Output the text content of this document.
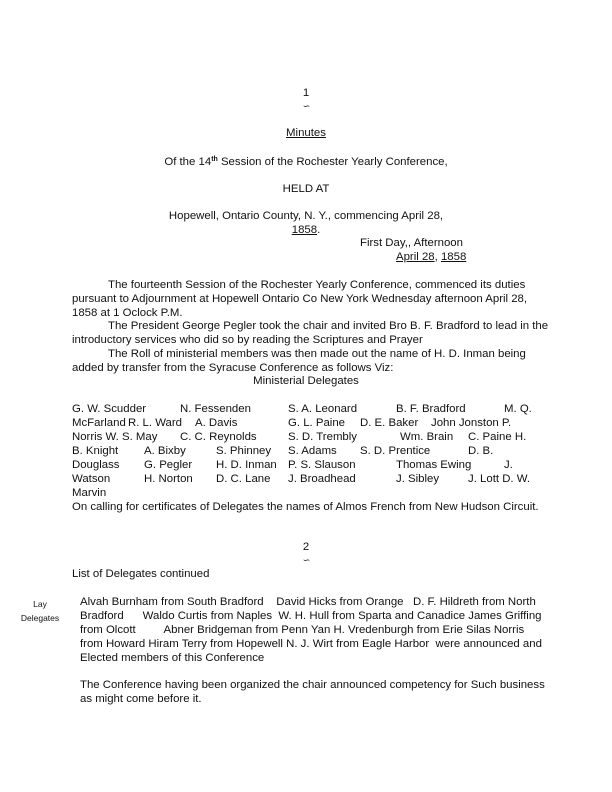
1
∽
Minutes
Of the 14th Session of the Rochester Yearly Conference,
HELD AT
Hopewell, Ontario County, N. Y., commencing April 28,
1858.
First Day,, Afternoon
April 28, 1858
The fourteenth Session of the Rochester Yearly Conference, commenced its duties pursuant to Adjournment at Hopewell Ontario Co New York Wednesday afternoon April 28, 1858 at 1 Oclock P.M.
The President George Pegler took the chair and invited Bro B. F. Bradford to lead in the introductory services who did so by reading the Scriptures and Prayer
The Roll of ministerial members was then made out the name of H. D. Inman being added by transfer from the Syracuse Conference as follows Viz:
Ministerial Delegates
G. W. Scudder	N. Fessenden	S. A. Leonard	B. F. Bradford	M. Q.
McFarland R. L. Ward A. Davis	G. L. Paine D. E. Baker John Jonston P.
Norris W. S. May C. C. Reynolds	S. D. Trembly	Wm. Brain C. Paine H.
B. Knight A. Bixby	S. Phinney S. Adams S. D. Prentice	D. B.
Douglass G. Pegler H. D. Inman P. S. Slauson	Thomas Ewing	J.
Watson	H. Norton D. C. Lane J. Broadhead	J. Sibley	J. Lott D. W.
Marvin
On calling for certificates of Delegates the names of Almos French from New Hudson Circuit.
2
∽
List of Delegates continued
Lay
Delegates
Alvah Burnham from South Bradford    David Hicks from Orange   D. F. Hildreth from North Bradford      Waldo Curtis from Naples  W. H. Hull from Sparta and Canadice James Griffing from Olcott         Abner Bridgeman from Penn Yan H. Vredenburgh from Erie Silas Norris from Howard Hiram Terry from Hopewell N. J. Wirt from Eagle Harbor  were announced and Elected members of this Conference
The Conference having been organized the chair announced competency for Such business as might come before it.
